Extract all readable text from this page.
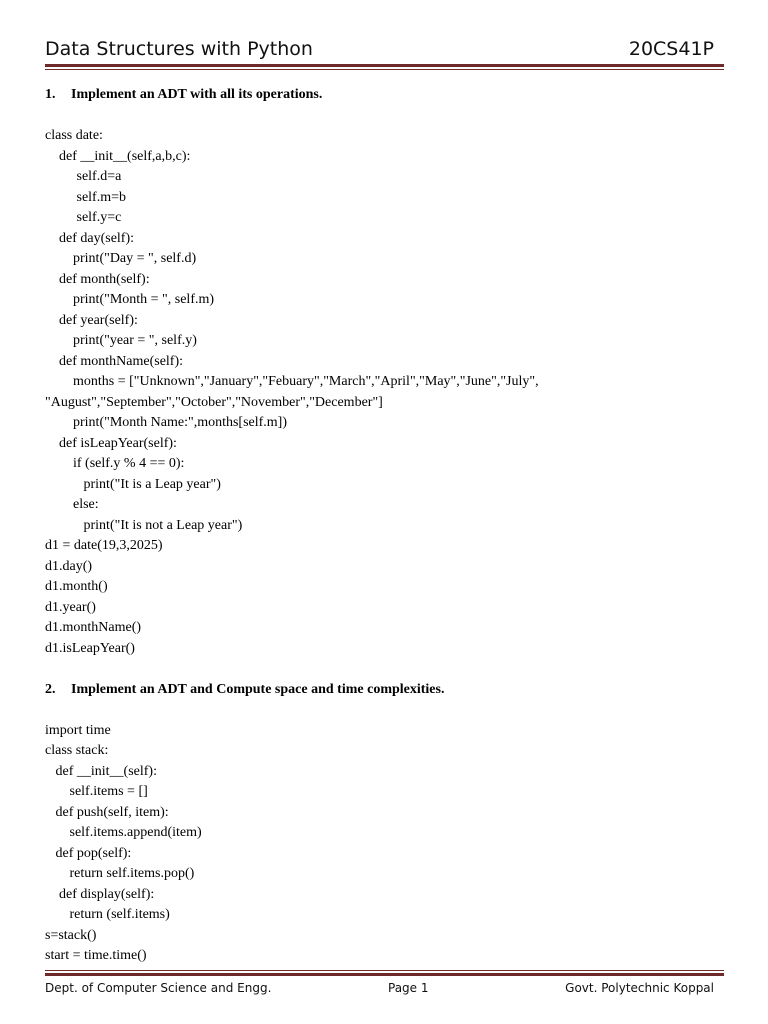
Data Structures with Python	20CS41P

1. Implement an ADT with all its operations.

class date:
def __init__(self,a,b,c):
self.d=a
self.m=b
self.y=c
def day(self):
print("Day = ", self.d)
def month(self):
print("Month = ", self.m)
def year(self):
print("year = ", self.y)
def monthName(self):
months = ["Unknown","January","Febuary","March","April","May","June","July",
"August","September","October","November","December"]
print("Month Name:",months[self.m])
def isLeapYear(self):
if (self.y % 4 == 0):
print("It is a Leap year")
else:
print("It is not a Leap year")
d1 = date(19,3,2025)
d1.day()
d1.month()
d1.year()
d1.monthName()
d1.isLeapYear()

2. Implement an ADT and Compute space and time complexities.

import time
class stack:
def __init__(self):
self.items = []
def push(self, item):
self.items.append(item)
def pop(self):
return self.items.pop()
def display(self):
return (self.items)
s=stack()
start = time.time()
Dept. of Computer Science and Engg.	Page 1	Govt. Polytechnic Koppal
